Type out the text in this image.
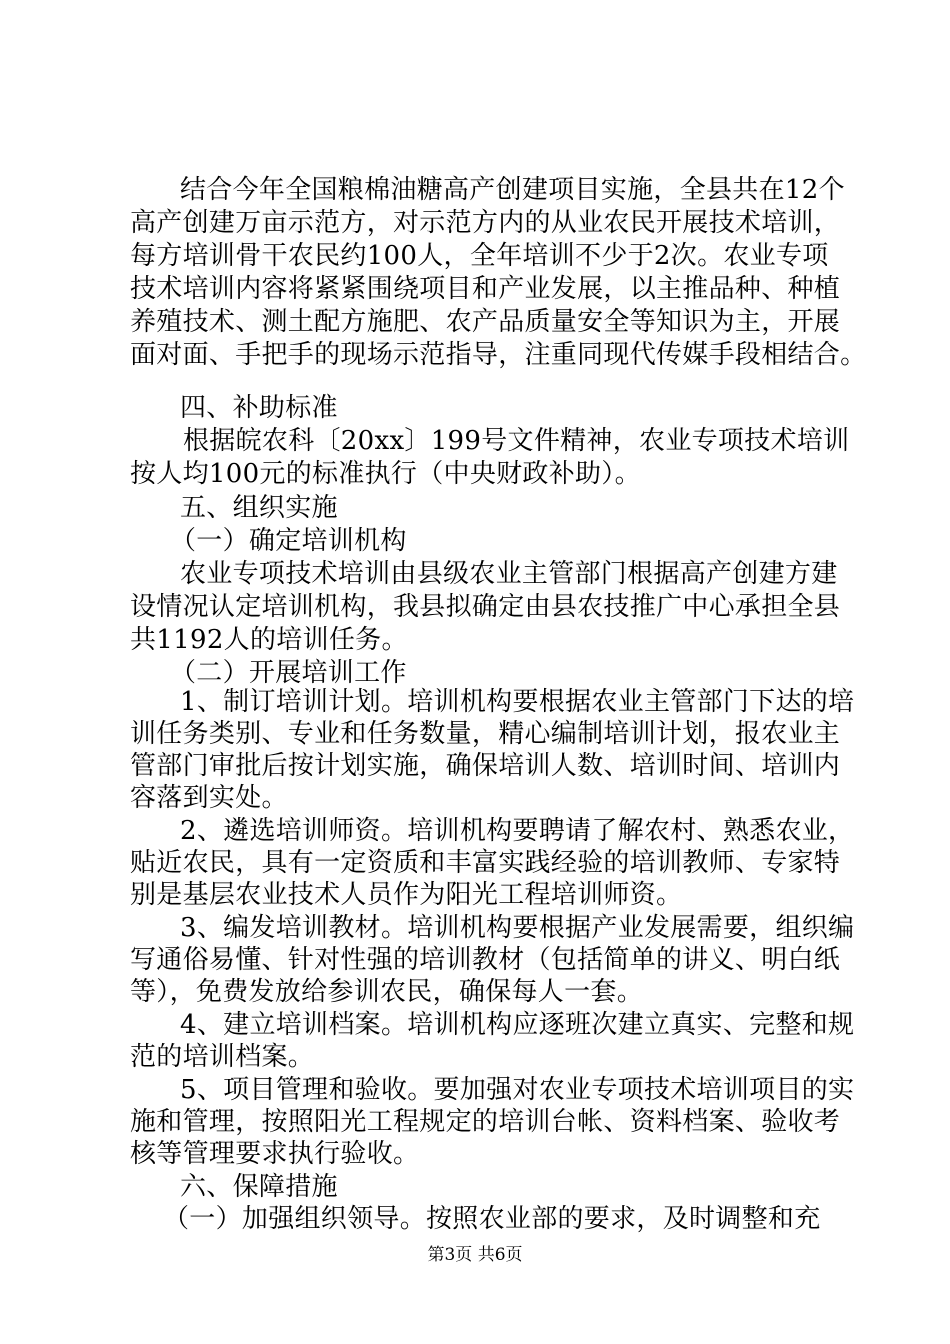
结合今年全国粮棉油糖高产创建项目实施，全县共在12个
高产创建万亩示范方，对示范方内的从业农民开展技术培训，
每方培训骨干农民约100人，全年培训不少于2次。农业专项
技术培训内容将紧紧围绕项目和产业发展，以主推品种、种植
养殖技术、测土配方施肥、农产品质量安全等知识为主，开展
面对面、手把手的现场示范指导，注重同现代传媒手段相结合。
四、补助标准
根据皖农科〔20xx〕199号文件精神，农业专项技术培训
按人均100元的标准执行（中央财政补助）。
五、组织实施
（一）确定培训机构
农业专项技术培训由县级农业主管部门根据高产创建方建
设情况认定培训机构，我县拟确定由县农技推广中心承担全县
共1192人的培训任务。
（二）开展培训工作
1、制订培训计划。培训机构要根据农业主管部门下达的培
训任务类别、专业和任务数量，精心编制培训计划，报农业主
管部门审批后按计划实施，确保培训人数、培训时间、培训内
容落到实处。
2、遴选培训师资。培训机构要聘请了解农村、熟悉农业，
贴近农民，具有一定资质和丰富实践经验的培训教师、专家特
别是基层农业技术人员作为阳光工程培训师资。
3、编发培训教材。培训机构要根据产业发展需要，组织编
写通俗易懂、针对性强的培训教材（包括简单的讲义、明白纸
等），免费发放给参训农民，确保每人一套。
4、建立培训档案。培训机构应逐班次建立真实、完整和规
范的培训档案。
5、项目管理和验收。要加强对农业专项技术培训项目的实
施和管理，按照阳光工程规定的培训台帐、资料档案、验收考
核等管理要求执行验收。
第3页 共6页
六、保障措施
（一）加强组织领导。按照农业部的要求，及时调整和充
